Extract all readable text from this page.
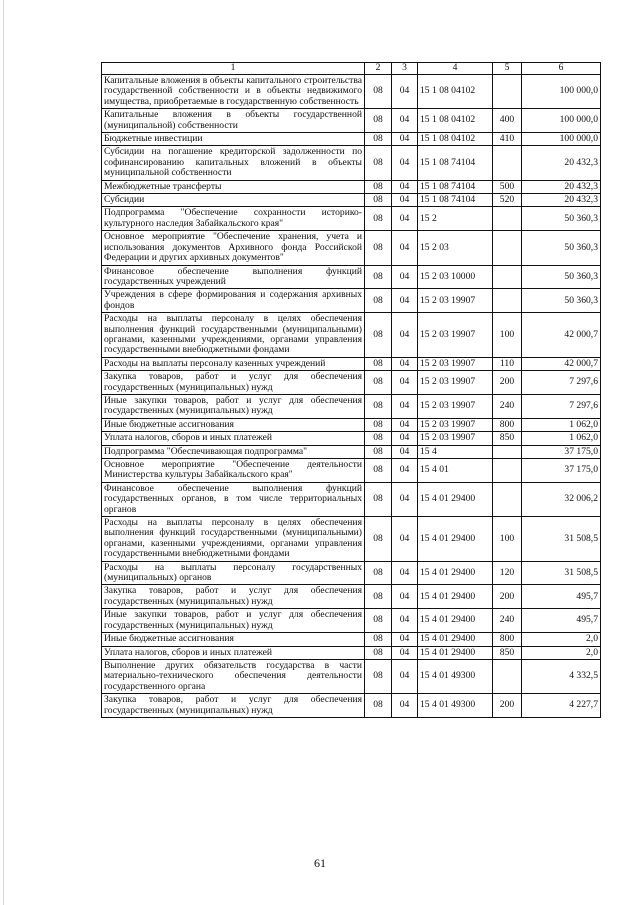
1	2	3	4	5	6
Капитальные вложения в объекты капитального строительства государственной собственности и в объекты недвижимого имущества, приобретаемые в государственную собственность	08	04	15 1 08 04102		100 000,0
Капитальные вложения в объекты государственной (муниципальной) собственности	08	04	15 1 08 04102	400	100 000,0
Бюджетные инвестиции	08	04	15 1 08 04102	410	100 000,0
Субсидии на погашение кредиторской задолженности по софинансированию капитальных вложений в объекты муниципальной собственности	08	04	15 1 08 74104		20 432,3
Межбюджетные трансферты	08	04	15 1 08 74104	500	20 432,3
Субсидии	08	04	15 1 08 74104	520	20 432,3
Подпрограмма "Обеспечение сохранности историко-культурного наследия Забайкальского края"	08	04	15 2		50 360,3
Основное мероприятие "Обеспечение хранения, учета и использования документов Архивного фонда Российской Федерации и других архивных документов"	08	04	15 2 03		50 360,3
Финансовое обеспечение выполнения функций государственных учреждений	08	04	15 2 03 10000		50 360,3
Учреждения в сфере формирования и содержания архивных фондов	08	04	15 2 03 19907		50 360,3
Расходы на выплаты персоналу в целях обеспечения выполнения функций государственными (муниципальными) органами, казенными учреждениями, органами управления государственными внебюджетными фондами	08	04	15 2 03 19907	100	42 000,7
Расходы на выплаты персоналу казенных учреждений	08	04	15 2 03 19907	110	42 000,7
Закупка товаров, работ и услуг для обеспечения государственных (муниципальных) нужд	08	04	15 2 03 19907	200	7 297,6
Иные закупки товаров, работ и услуг для обеспечения государственных (муниципальных) нужд	08	04	15 2 03 19907	240	7 297,6
Иные бюджетные ассигнования	08	04	15 2 03 19907	800	1 062,0
Уплата налогов, сборов и иных платежей	08	04	15 2 03 19907	850	1 062,0
Подпрограмма "Обеспечивающая подпрограмма"	08	04	15 4		37 175,0
Основное мероприятие "Обеспечение деятельности Министерства культуры Забайкальского края"	08	04	15 4 01		37 175,0
Финансовое обеспечение выполнения функций государственных органов, в том числе территориальных органов	08	04	15 4 01 29400		32 006,2
Расходы на выплаты персоналу в целях обеспечения выполнения функций государственными (муниципальными) органами, казенными учреждениями, органами управления государственными внебюджетными фондами	08	04	15 4 01 29400	100	31 508,5
Расходы на выплаты персоналу государственных (муниципальных) органов	08	04	15 4 01 29400	120	31 508,5
Закупка товаров, работ и услуг для обеспечения государственных (муниципальных) нужд	08	04	15 4 01 29400	200	495,7
Иные закупки товаров, работ и услуг для обеспечения государственных (муниципальных) нужд	08	04	15 4 01 29400	240	495,7
Иные бюджетные ассигнования	08	04	15 4 01 29400	800	2,0
Уплата налогов, сборов и иных платежей	08	04	15 4 01 29400	850	2,0
Выполнение других обязательств государства в части материально-технического обеспечения деятельности государственного органа	08	04	15 4 01 49300		4 332,5
Закупка товаров, работ и услуг для обеспечения государственных (муниципальных) нужд	08	04	15 4 01 49300	200	4 227,7
61
